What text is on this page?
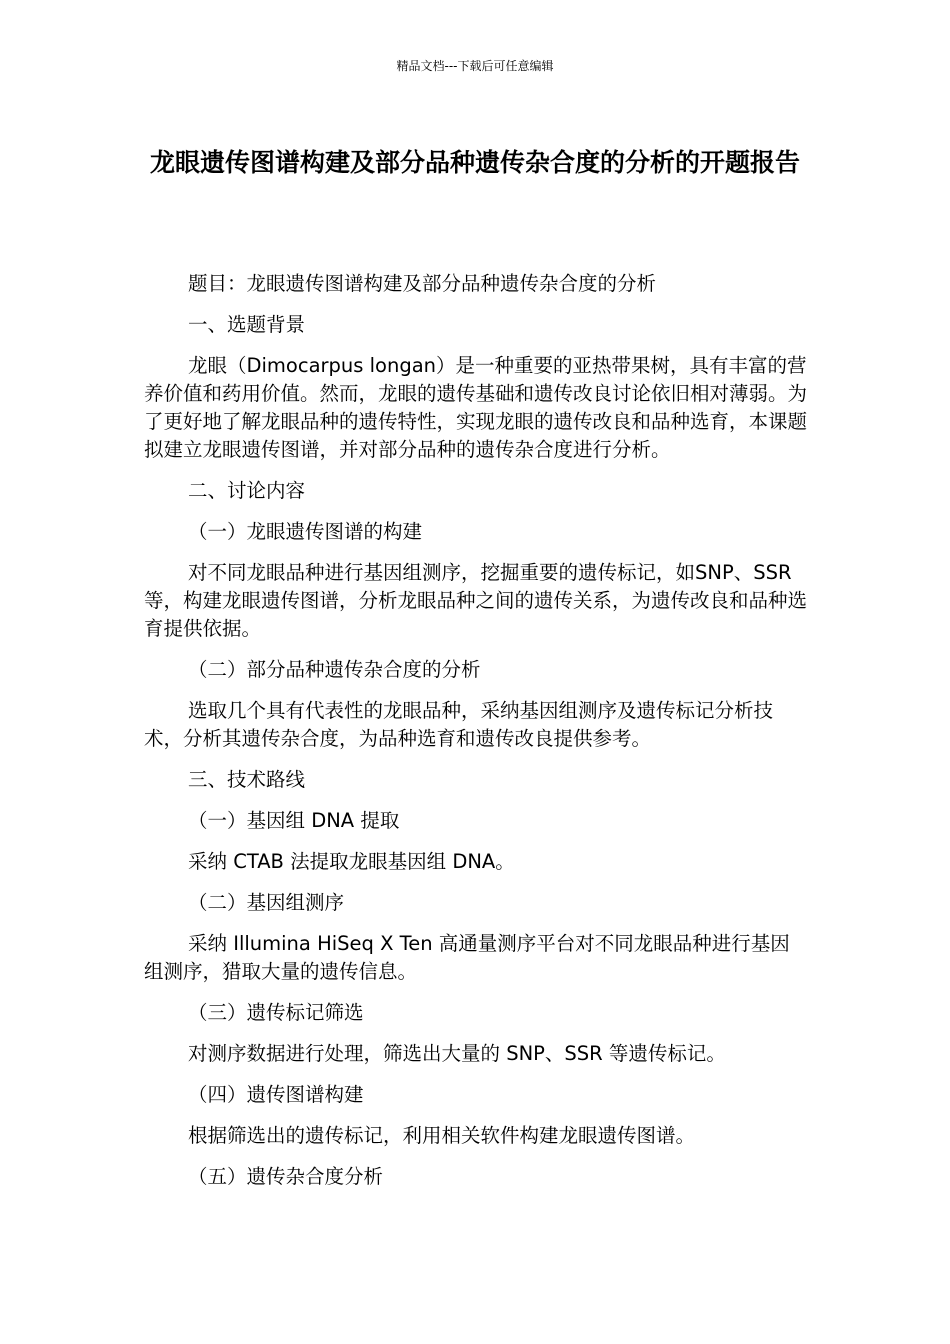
精品文档---下载后可任意编辑
龙眼遗传图谱构建及部分品种遗传杂合度的分析的开题报告

题目：龙眼遗传图谱构建及部分品种遗传杂合度的分析

一、选题背景

龙眼（Dimocarpus longan）是一种重要的亚热带果树，具有丰富的营养价值和药用价值。然而，龙眼的遗传基础和遗传改良讨论依旧相对薄弱。为了更好地了解龙眼品种的遗传特性，实现龙眼的遗传改良和品种选育，本课题拟建立龙眼遗传图谱，并对部分品种的遗传杂合度进行分析。

二、讨论内容

（一）龙眼遗传图谱的构建

对不同龙眼品种进行基因组测序，挖掘重要的遗传标记，如SNP、SSR等，构建龙眼遗传图谱，分析龙眼品种之间的遗传关系，为遗传改良和品种选育提供依据。

（二）部分品种遗传杂合度的分析

选取几个具有代表性的龙眼品种，采纳基因组测序及遗传标记分析技术，分析其遗传杂合度，为品种选育和遗传改良提供参考。

三、技术路线

（一）基因组 DNA 提取

采纳 CTAB 法提取龙眼基因组 DNA。

（二）基因组测序

采纳 Illumina HiSeq X Ten 高通量测序平台对不同龙眼品种进行基因组测序，猎取大量的遗传信息。

（三）遗传标记筛选

对测序数据进行处理，筛选出大量的 SNP、SSR 等遗传标记。

（四）遗传图谱构建

根据筛选出的遗传标记，利用相关软件构建龙眼遗传图谱。

（五）遗传杂合度分析
